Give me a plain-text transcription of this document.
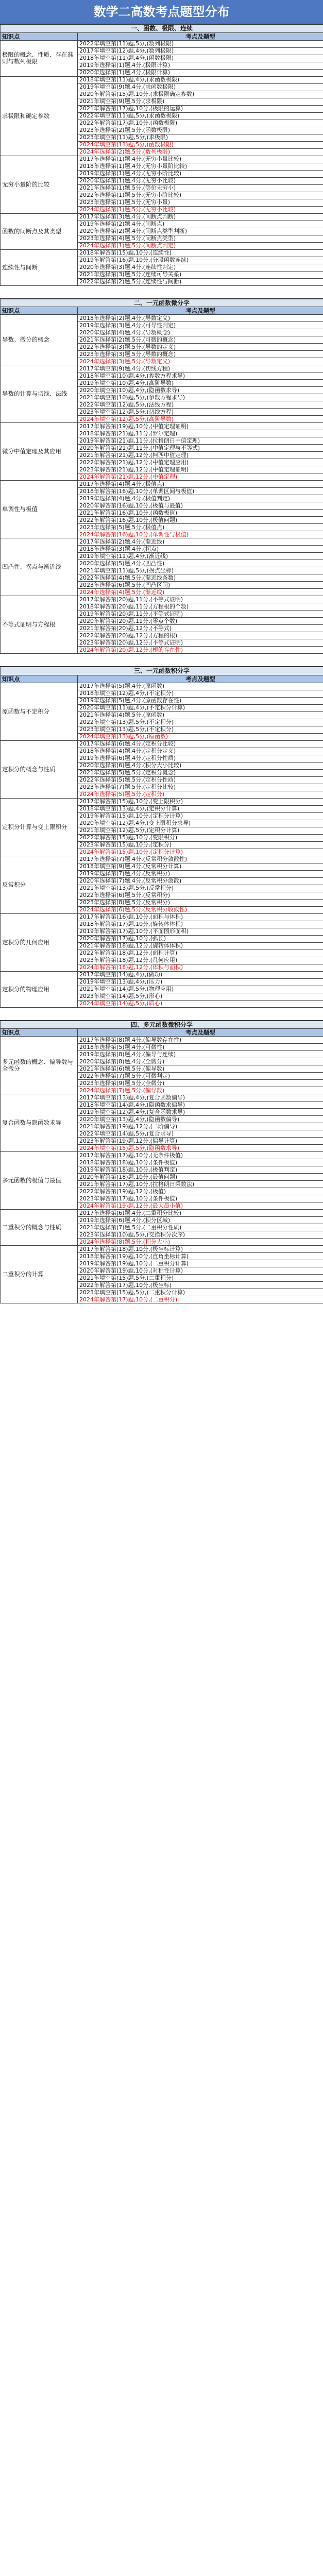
数学二高数考点题型分布
一、函数、极限、连续	
知识点	考点及题型
极限的概念、性质、存在准则与数列极限	2022年填空第(11)题,5分,(数列极限)
	2017年填空第(12)题,4分,(数列极限)
	2018年填空第(11)题,4分,(函数极限)
	2019年选择第(1)题,4分,(极限计算)
	2020年选择第(1)题,4分,(极限计算)
求极限和确定参数	2018年填空第(11)题,4分,(求函数极限)
	2019年填空第(9)题,4分,(求函数极限)
	2020年解答第(15)题,10分,(求极限确定参数)
	2021年填空第(9)题,5分,(求极限)
	2021年解答第(17)题,10分,(极限的运算)
	2022年填空第(11)题,5分,(求函数极限)
	2022年解答第(17)题,10分,(函数极限)
	2023年选择第(2)题,5分,(函数极限)
	2023年填空第(11)题,5分,(求极限)
	2024年填空第(11)题,5分,(函数极限)
	2024年选择第(2)题,5分,(数列极限)
无穷小量阶的比较	2017年选择第(1)题,4分,(无穷小量比较)
	2018年选择第(1)题,4分,(无穷小量阶比较)
	2019年选择第(1)题,4分,(无穷小阶比较)
	2020年选择第(1)题,4分,(无穷小比较)
	2021年选择第(1)题,5分,(等价无穷小)
	2022年选择第(1)题,5分,(无穷小阶比较)
	2023年选择第(1)题,5分,(无穷小量)
	2024年选择第(1)题,5分,(无穷小比较)
函数的间断点及其类型	2017年选择第(3)题,4分,(间断点判断)
	2019年选择第(2)题,4分,(间断点)
	2020年选择第(2)题,4分,(间断点类型判断)
	2023年选择第(4)题,5分,(间断点类型)
	2024年选择第(1)题,5分,(间断点判定)
连续性与间断	2018年解答第(15)题,10分,(连续性)
	2019年解答第(16)题,10分,(分段函数连续)
	2020年选择第(3)题,4分,(连续性判定)
	2021年选择第(3)题,5分,(连续可导关系)
	2022年选择第(2)题,5分,(连续性与间断)
二、一元函数微分学	
知识点	考点及题型
导数、微分的概念	2018年选择第(2)题,4分,(导数定义)
	2019年选择第(3)题,4分,(可导性判定)
	2020年选择第(4)题,4分,(导数概念)
	2021年选择第(2)题,5分,(可微的概念)
	2022年选择第(3)题,5分,(导数的定义)
	2023年选择第(3)题,5分,(导数的概念)
	2024年选择第(3)题,5分,(导数定义)
导数的计算与切线、法线	2017年填空第(9)题,4分,(切线方程)
	2018年填空第(10)题,4分,(参数方程求导)
	2019年填空第(10)题,4分,(高阶导数)
	2020年填空第(10)题,4分,(隐函数求导)
	2021年填空第(10)题,5分,(参数方程求导)
	2022年填空第(12)题,5分,(法线方程)
	2023年填空第(12)题,5分,(切线方程)
	2024年填空第(12)题,5分,(高阶导数)
微分中值定理及其应用	2017年解答第(19)题,10分,(中值定理证明)
	2018年解答第(21)题,11分,(罗尔定理)
	2019年解答第(21)题,11分,(拉格朗日中值定理)
	2020年解答第(21)题,11分,(中值定理与不等式)
	2021年解答第(21)题,12分,(柯西中值定理)
	2022年解答第(21)题,12分,(中值定理应用)
	2023年解答第(21)题,12分,(中值定理证明)
	2024年解答第(21)题,12分,(中值定理)
单调性与极值	2017年选择第(4)题,4分,(极值点)
	2018年解答第(16)题,10分,(单调区间与极值)
	2019年选择第(4)题,4分,(极值判定)
	2020年解答第(16)题,10分,(极值与最值)
	2021年解答第(16)题,10分,(函数极值)
	2022年解答第(16)题,10分,(极值问题)
	2023年选择第(5)题,5分,(极值点)
	2024年解答第(16)题,10分,(单调性与极值)
凹凸性、拐点与渐近线	2017年选择第(2)题,4分,(渐近线)
	2018年选择第(3)题,4分,(拐点)
	2019年填空第(11)题,4分,(渐近线)
	2020年选择第(5)题,4分,(凹凸性)
	2021年填空第(11)题,5分,(拐点坐标)
	2022年选择第(4)题,5分,(渐近线条数)
	2023年选择第(6)题,5分,(凹凸区间)
	2024年选择第(4)题,5分,(渐近线)
不等式证明与方程根	2017年解答第(20)题,11分,(不等式证明)
	2018年解答第(20)题,11分,(方程根的个数)
	2019年解答第(20)题,11分,(不等式证明)
	2020年解答第(20)题,11分,(零点个数)
	2021年解答第(20)题,12分,(不等式)
	2022年解答第(20)题,12分,(方程的根)
	2023年解答第(20)题,12分,(不等式证明)
	2024年解答第(20)题,12分,(根的存在性)
三、一元函数积分学	
知识点	考点及题型
原函数与不定积分	2017年选择第(5)题,4分,(原函数)
	2018年填空第(12)题,4分,(不定积分)
	2019年选择第(5)题,4分,(原函数存在性)
	2020年填空第(11)题,4分,(不定积分计算)
	2021年选择第(4)题,5分,(原函数)
	2022年填空第(13)题,5分,(不定积分)
	2023年填空第(13)题,5分,(不定积分)
	2024年填空第(13)题,5分,(原函数)
定积分的概念与性质	2017年选择第(6)题,4分,(定积分比较)
	2018年选择第(4)题,4分,(定积分定义)
	2019年选择第(6)题,4分,(定积分性质)
	2020年选择第(6)题,4分,(积分大小比较)
	2021年选择第(5)题,5分,(定积分概念)
	2022年选择第(5)题,5分,(定积分性质)
	2023年选择第(7)题,5分,(定积分比较)
	2024年选择第(5)题,5分,(定积分)
定积分计算与变上限积分	2017年解答第(15)题,10分,(变上限积分)
	2018年填空第(13)题,4分,(定积分计算)
	2019年解答第(15)题,10分,(定积分计算)
	2020年填空第(12)题,4分,(变上限积分求导)
	2021年填空第(12)题,5分,(定积分计算)
	2022年解答第(15)题,10分,(变限积分)
	2023年解答第(15)题,10分,(定积分)
	2024年解答第(15)题,10分,(定积分计算)
反常积分	2017年选择第(7)题,4分,(反常积分敛散性)
	2018年填空第(9)题,4分,(反常积分计算)
	2019年选择第(7)题,4分,(反常积分)
	2020年选择第(7)题,4分,(反常积分敛散)
	2021年填空第(13)题,5分,(反常积分)
	2022年选择第(6)题,5分,(反常积分)
	2023年选择第(8)题,5分,(反常积分)
	2024年选择第(6)题,5分,(反常积分收敛性)
定积分的几何应用	2017年解答第(16)题,10分,(面积与体积)
	2018年解答第(17)题,10分,(旋转体体积)
	2019年解答第(17)题,10分,(平面图形面积)
	2020年解答第(17)题,10分,(弧长)
	2021年解答第(18)题,12分,(旋转体体积)
	2022年解答第(18)题,12分,(面积计算)
	2023年解答第(18)题,12分,(几何应用)
	2024年解答第(18)题,12分,(体积与面积)
定积分的物理应用	2017年填空第(14)题,4分,(做功)
	2019年填空第(13)题,4分,(压力)
	2021年填空第(14)题,5分,(物理应用)
	2023年填空第(14)题,5分,(形心)
	2024年填空第(14)题,5分,(质心)
四、多元函数微积分学	
知识点	考点及题型
多元函数的概念、偏导数与全微分	2017年选择第(8)题,4分,(偏导数存在性)
	2018年选择第(5)题,4分,(可微性)
	2019年选择第(8)题,4分,(偏导与连续)
	2020年选择第(8)题,4分,(全微分)
	2021年选择第(6)题,5分,(偏导数)
	2022年选择第(7)题,5分,(可微判定)
	2023年选择第(9)题,5分,(全微分)
	2024年选择第(7)题,5分,(偏导数)
复合函数与隐函数求导	2017年填空第(13)题,4分,(复合函数偏导)
	2018年填空第(14)题,4分,(隐函数求偏导)
	2019年填空第(12)题,4分,(复合函数求导)
	2020年填空第(13)题,4分,(隐函数偏导)
	2021年解答第(19)题,12分,(二阶偏导)
	2022年填空第(14)题,5分,(复合求导)
	2023年解答第(19)题,12分,(偏导计算)
	2024年填空第(15)题,5分,(隐函数求导)
多元函数的极值与最值	2017年解答第(17)题,10分,(无条件极值)
	2018年解答第(18)题,10分,(条件极值)
	2019年解答第(18)题,10分,(极值判定)
	2020年解答第(18)题,10分,(最值问题)
	2021年解答第(17)题,10分,(拉格朗日乘数法)
	2022年解答第(19)题,12分,(极值)
	2023年解答第(17)题,10分,(条件极值)
	2024年解答第(19)题,12分,(最大最小值)
二重积分的概念与性质	2017年选择第(6)题,4分,(二重积分比较)
	2019年选择第(6)题,4分,(积分区域)
	2021年选择第(7)题,5分,(二重积分性质)
	2023年选择第(10)题,5分,(交换积分次序)
	2024年选择第(8)题,5分,(积分大小)
二重积分的计算	2017年解答第(18)题,10分,(极坐标计算)
	2018年解答第(19)题,10分,(直角坐标计算)
	2019年解答第(19)题,10分,(二重积分计算)
	2020年解答第(19)题,10分,(对称性计算)
	2021年填空第(15)题,5分,(二重积分)
	2022年解答第(17)题,10分,(极坐标)
	2023年填空第(15)题,5分,(二重积分计算)
	2024年解答第(17)题,10分,(二重积分)
